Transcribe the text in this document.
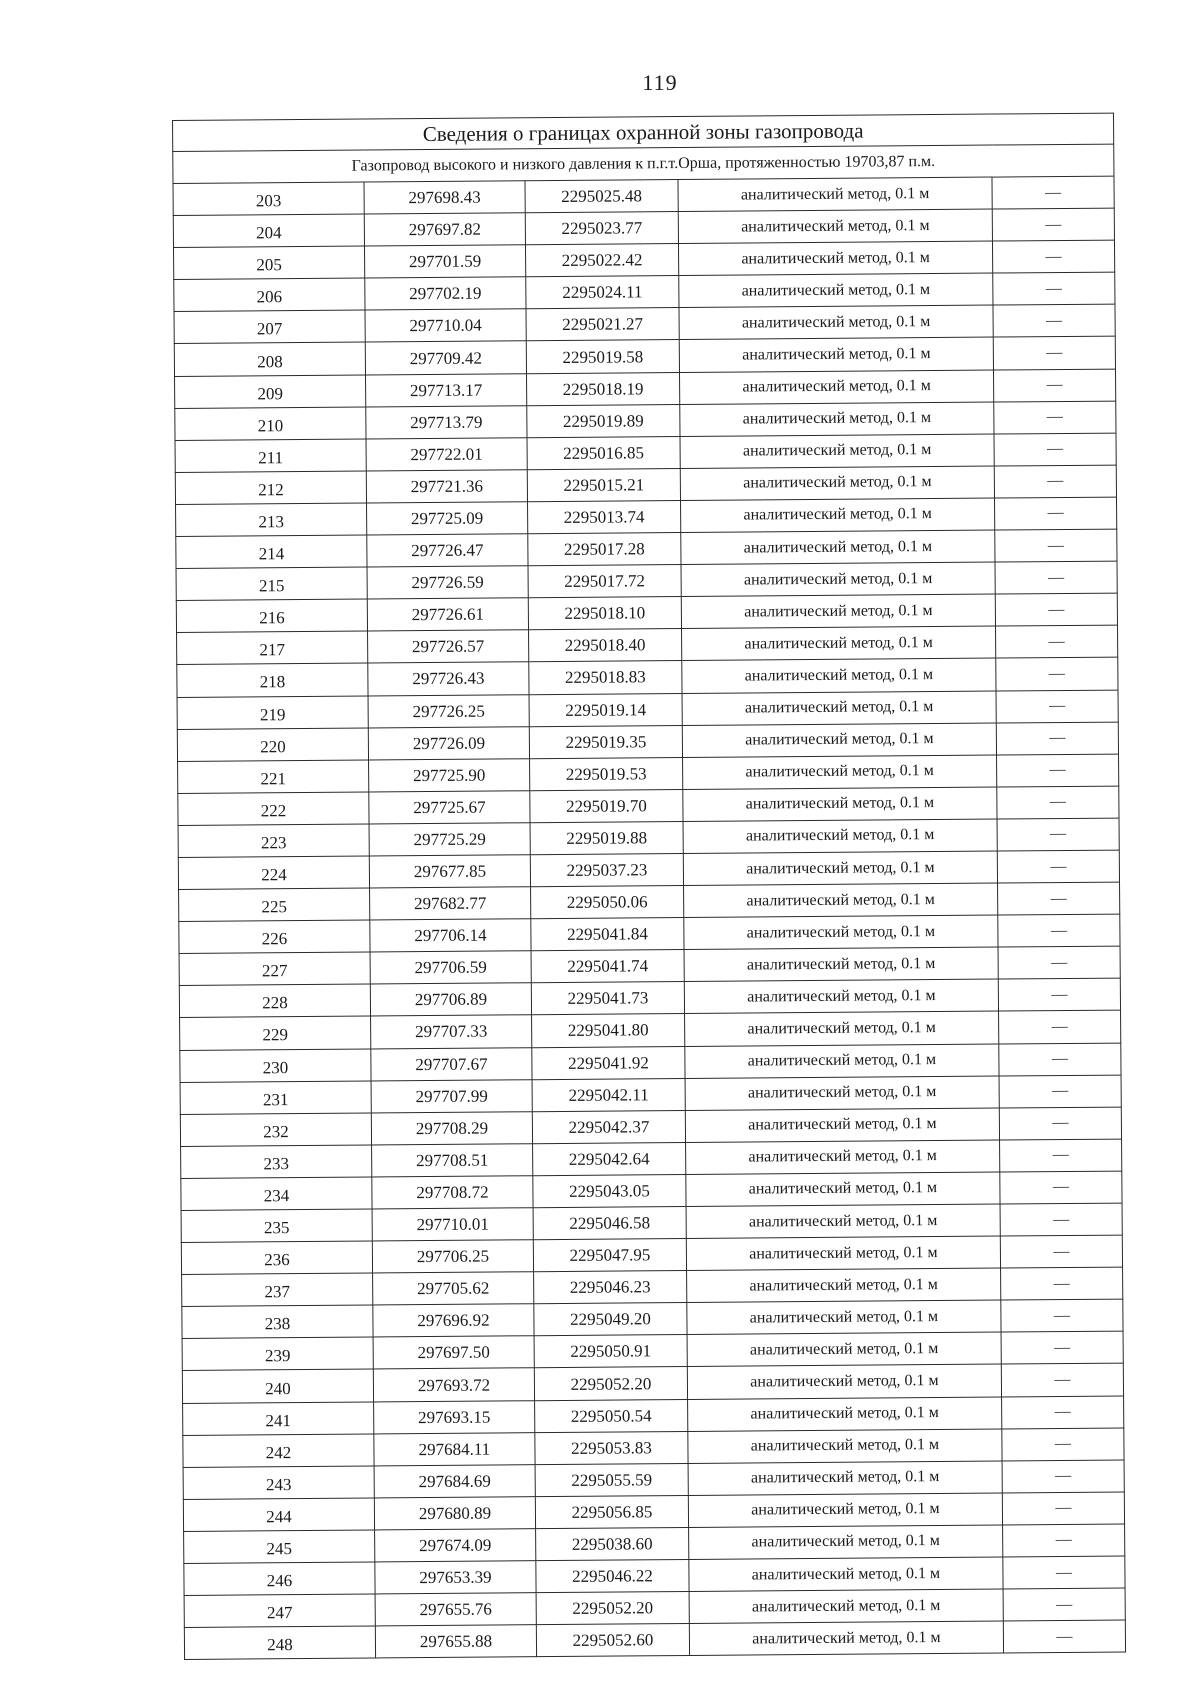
119
Сведения о границах охранной зоны газопровода				
Газопровод высокого и низкого давления к п.г.т.Орша, протяженностью 19703,87 п.м.				
203	297698.43	2295025.48	аналитический метод, 0.1 м	—
204	297697.82	2295023.77	аналитический метод, 0.1 м	—
205	297701.59	2295022.42	аналитический метод, 0.1 м	—
206	297702.19	2295024.11	аналитический метод, 0.1 м	—
207	297710.04	2295021.27	аналитический метод, 0.1 м	—
208	297709.42	2295019.58	аналитический метод, 0.1 м	—
209	297713.17	2295018.19	аналитический метод, 0.1 м	—
210	297713.79	2295019.89	аналитический метод, 0.1 м	—
211	297722.01	2295016.85	аналитический метод, 0.1 м	—
212	297721.36	2295015.21	аналитический метод, 0.1 м	—
213	297725.09	2295013.74	аналитический метод, 0.1 м	—
214	297726.47	2295017.28	аналитический метод, 0.1 м	—
215	297726.59	2295017.72	аналитический метод, 0.1 м	—
216	297726.61	2295018.10	аналитический метод, 0.1 м	—
217	297726.57	2295018.40	аналитический метод, 0.1 м	—
218	297726.43	2295018.83	аналитический метод, 0.1 м	—
219	297726.25	2295019.14	аналитический метод, 0.1 м	—
220	297726.09	2295019.35	аналитический метод, 0.1 м	—
221	297725.90	2295019.53	аналитический метод, 0.1 м	—
222	297725.67	2295019.70	аналитический метод, 0.1 м	—
223	297725.29	2295019.88	аналитический метод, 0.1 м	—
224	297677.85	2295037.23	аналитический метод, 0.1 м	—
225	297682.77	2295050.06	аналитический метод, 0.1 м	—
226	297706.14	2295041.84	аналитический метод, 0.1 м	—
227	297706.59	2295041.74	аналитический метод, 0.1 м	—
228	297706.89	2295041.73	аналитический метод, 0.1 м	—
229	297707.33	2295041.80	аналитический метод, 0.1 м	—
230	297707.67	2295041.92	аналитический метод, 0.1 м	—
231	297707.99	2295042.11	аналитический метод, 0.1 м	—
232	297708.29	2295042.37	аналитический метод, 0.1 м	—
233	297708.51	2295042.64	аналитический метод, 0.1 м	—
234	297708.72	2295043.05	аналитический метод, 0.1 м	—
235	297710.01	2295046.58	аналитический метод, 0.1 м	—
236	297706.25	2295047.95	аналитический метод, 0.1 м	—
237	297705.62	2295046.23	аналитический метод, 0.1 м	—
238	297696.92	2295049.20	аналитический метод, 0.1 м	—
239	297697.50	2295050.91	аналитический метод, 0.1 м	—
240	297693.72	2295052.20	аналитический метод, 0.1 м	—
241	297693.15	2295050.54	аналитический метод, 0.1 м	—
242	297684.11	2295053.83	аналитический метод, 0.1 м	—
243	297684.69	2295055.59	аналитический метод, 0.1 м	—
244	297680.89	2295056.85	аналитический метод, 0.1 м	—
245	297674.09	2295038.60	аналитический метод, 0.1 м	—
246	297653.39	2295046.22	аналитический метод, 0.1 м	—
247	297655.76	2295052.20	аналитический метод, 0.1 м	—
248	297655.88	2295052.60	аналитический метод, 0.1 м	—
